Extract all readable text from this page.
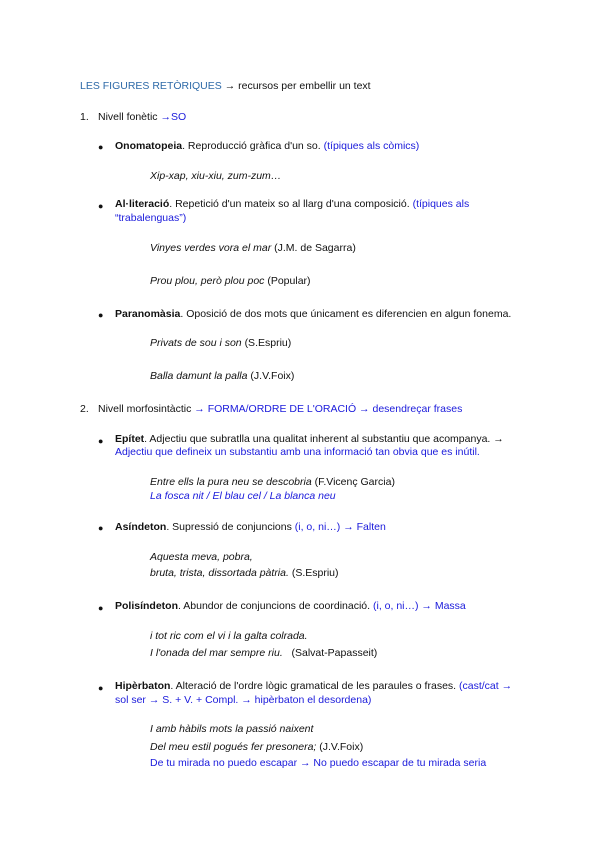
LES FIGURES RETÒRIQUES → recursos per embellir un text

1. Nivell fonètic →SO

● Onomatopeia. Reproducció gràfica d'un so. (típiques als còmics)

Xip-xap, xiu-xiu, zum-zum…

● Al·literació. Repetició d'un mateix so al llarg d'una composició. (típiques als “trabalenguas”)

Vinyes verdes vora el mar (J.M. de Sagarra)

Prou plou, però plou poc (Popular)

● Paranomàsia. Oposició de dos mots que únicament es diferencien en algun fonema.

Privats de sou i son (S.Espriu)

Balla damunt la palla (J.V.Foix)

2. Nivell morfosintàctic → FORMA/ORDRE DE L'ORACIÓ → desendreçar frases

● Epítet. Adjectiu que subratlla una qualitat inherent al substantiu que acompanya. →

Adjectiu que defineix un substantiu amb una informació tan obvia que es inútil.

Entre ells la pura neu se descobria (F.Vicenç Garcia)

La fosca nit / El blau cel / La blanca neu

● Asíndeton. Supressió de conjuncions (i, o, ni…) → Falten

Aquesta meva, pobra,

bruta, trista, dissortada pàtria. (S.Espriu)

● Polisíndeton. Abundor de conjuncions de coordinació. (i, o, ni…) → Massa

i tot ric com el vi i la galta colrada.

I l'onada del mar sempre riu. (Salvat-Papasseit)

● Hipèrbaton. Alteració de l'ordre lògic gramatical de les paraules o frases. (cast/cat → sol ser → S. + V. + Compl. → hipèrbaton el desordena)

I amb hàbils mots la passió naixent

Del meu estil pogués fer presonera; (J.V.Foix)

De tu mirada no puedo escapar → No puedo escapar de tu mirada seria
